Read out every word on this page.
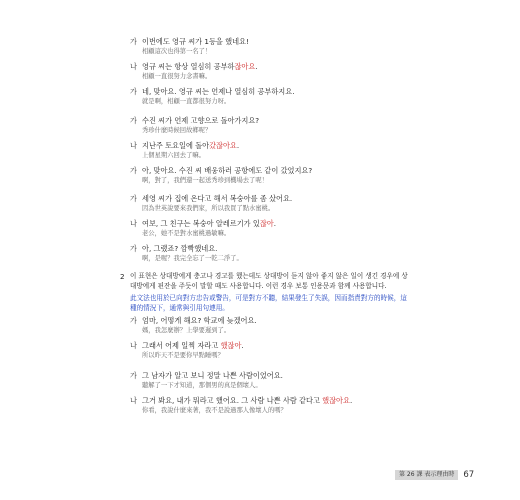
가 이번에도 영규 씨가 1등을 했네요!
相顧這次也得第一名了！
나 영규 씨는 항상 열심히 공부하잖아요.
相顧一直很努力念書嘛。
가 네, 맞아요. 영규 씨는 언제나 열심히 공부하지요.
就是啊，相顧一直都很努力呀。
가 수진 씨가 언제 고향으로 돌아가지요?
秀珍什麼時候回故鄉呢？
나 지난주 토요일에 돌아갔잖아요.
上個星期六回去了嘛。
가 아, 맞아요. 수진 씨 배웅하러 공항에도 같이 갔었지요?
啊，對了，我們還一起送秀珍到機場去了呢！
가 세영 씨가 집에 온다고 해서 복숭아를 좀 샀어요.
因為世英說要來我們家，所以我買了點水蜜桃。
나 여보, 그 친구는 복숭아 알레르기가 있잖아.
老公，她不是對水蜜桃過敏嘛。
가 아, 그랬죠? 깜빡했네요.
啊，是喔？我完全忘了一乾二淨了。
가 엄마, 어떻게 해요? 학교에 늦겠어요.
媽，我怎麼辦？上學要遲到了。
나 그래서 어제 일찍 자라고 했잖아.
所以昨天不是要你早點睡嗎？
가 그 남자가 알고 보니 정말 나쁜 사람이었어요.
聽解了一下才知道，那個男的真是個壞人。
나 그거 봐요, 내가 뭐라고 했어요. 그 사람 나쁜 사람 같다고 했잖아요.
你看，我說什麼來著，我不是說過那人像壞人的嗎？
2 이 표현은 상대방에게 충고나 경고를 했는데도 상대방이 듣지 않아 좋지 않은 일이 생긴 경우에 상대방에게 핀잔을 주듯이 말할 때도 사용합니다. 이런 경우 보통 인용문과 함께 사용합니다.
此文法也用於已向對方忠告或警告，可是對方不聽，結果發生了失誤，因而指責對方的時候，這種的情況下，通常與引用句連用。
第 26 課 表示理由時	67
